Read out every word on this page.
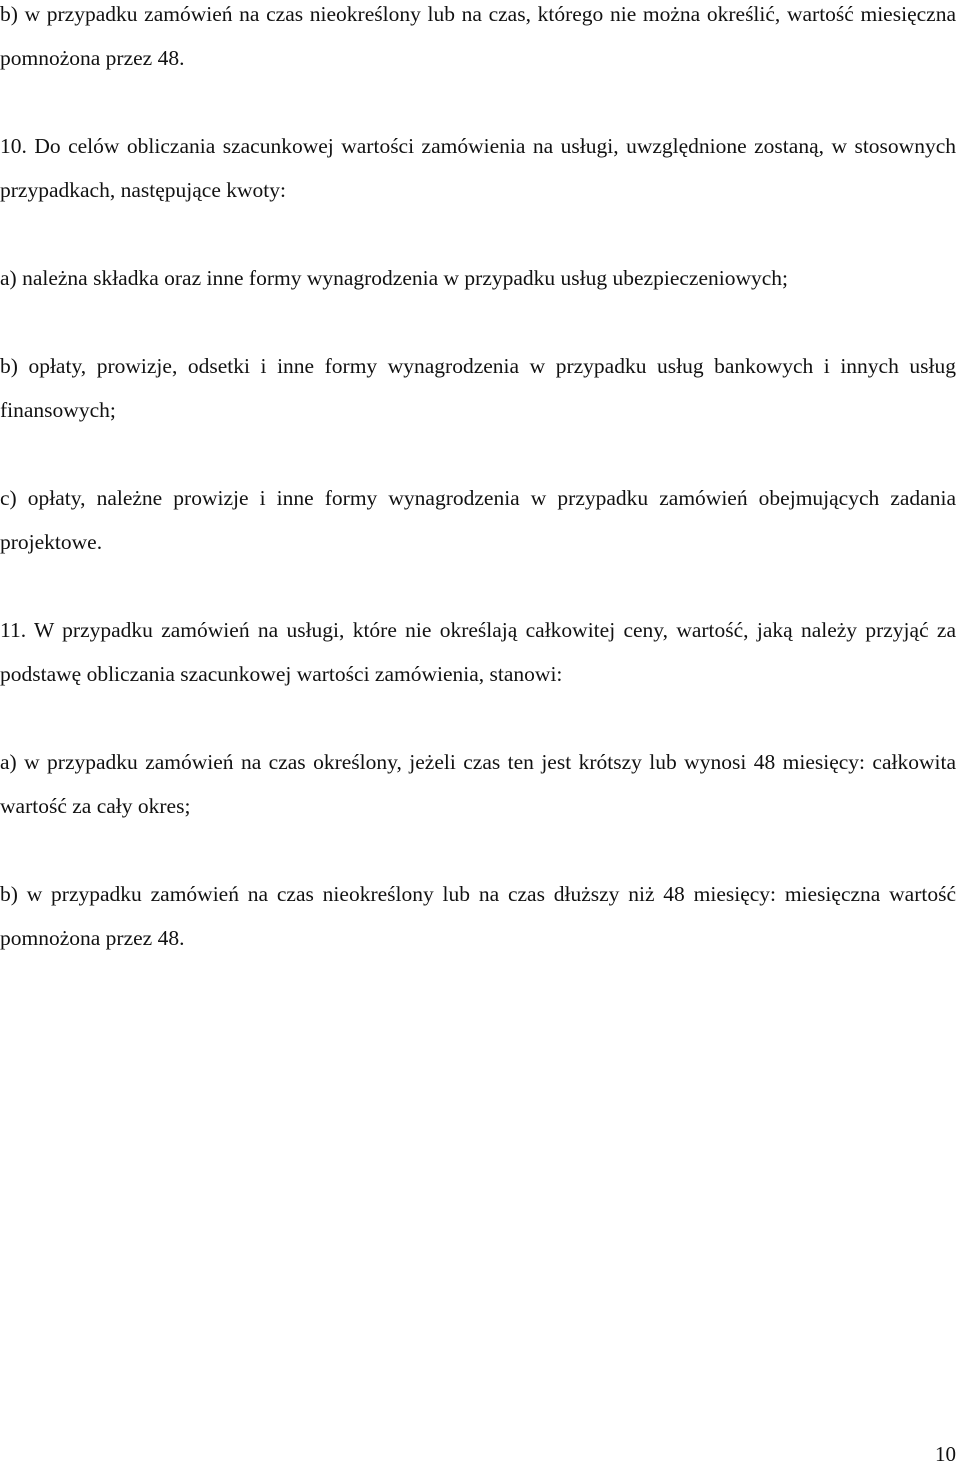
b) w przypadku zamówień na czas nieokreślony lub na czas, którego nie można określić, wartość miesięczna pomnożona przez 48.

10. Do celów obliczania szacunkowej wartości zamówienia na usługi, uwzględnione zostaną, w stosownych przypadkach, następujące kwoty:

a) należna składka oraz inne formy wynagrodzenia w przypadku usług ubezpieczeniowych;

b) opłaty, prowizje, odsetki i inne formy wynagrodzenia w przypadku usług bankowych i innych usług finansowych;

c) opłaty, należne prowizje i inne formy wynagrodzenia w przypadku zamówień obejmujących zadania projektowe.

11. W przypadku zamówień na usługi, które nie określają całkowitej ceny, wartość, jaką należy przyjąć za podstawę obliczania szacunkowej wartości zamówienia, stanowi:

a) w przypadku zamówień na czas określony, jeżeli czas ten jest krótszy lub wynosi 48 miesięcy: całkowita wartość za cały okres;

b) w przypadku zamówień na czas nieokreślony lub na czas dłuższy niż 48 miesięcy: miesięczna wartość pomnożona przez 48.

10
